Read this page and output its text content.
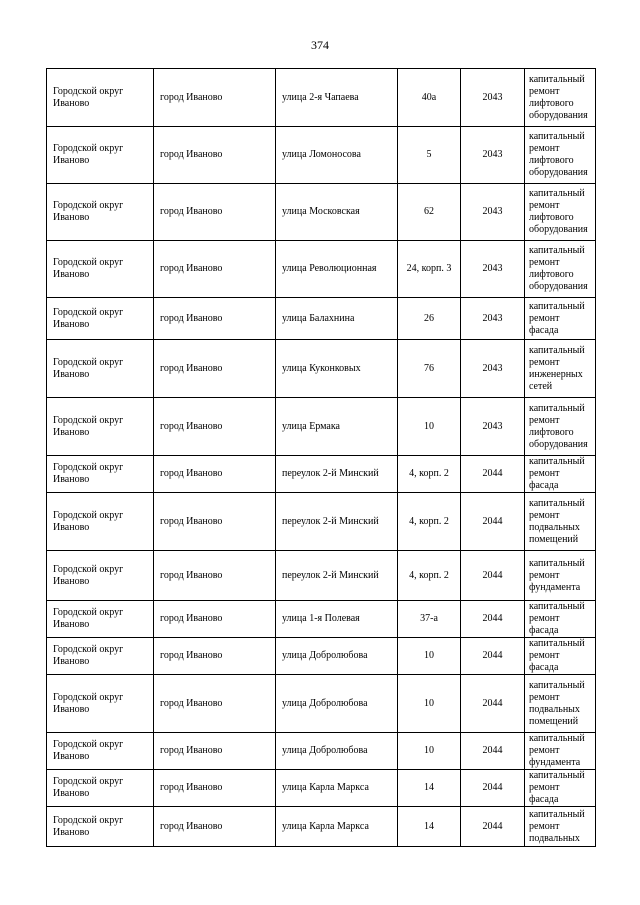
374
Городской округ Иваново	город Иваново	улица 2-я Чапаева	40а	2043	капитальный ремонт лифтового оборудования
Городской округ Иваново	город Иваново	улица Ломоносова	5	2043	капитальный ремонт лифтового оборудования
Городской округ Иваново	город Иваново	улица Московская	62	2043	капитальный ремонт лифтового оборудования
Городской округ Иваново	город Иваново	улица Революционная	24, корп. 3	2043	капитальный ремонт лифтового оборудования
Городской округ Иваново	город Иваново	улица Балахнина	26	2043	капитальный ремонт фасада
Городской округ Иваново	город Иваново	улица Куконковых	76	2043	капитальный ремонт инженерных сетей
Городской округ Иваново	город Иваново	улица Ермака	10	2043	капитальный ремонт лифтового оборудования
Городской округ Иваново	город Иваново	переулок 2-й Минский	4, корп. 2	2044	капитальный ремонт фасада
Городской округ Иваново	город Иваново	переулок 2-й Минский	4, корп. 2	2044	капитальный ремонт подвальных помещений
Городской округ Иваново	город Иваново	переулок 2-й Минский	4, корп. 2	2044	капитальный ремонт фундамента
Городской округ Иваново	город Иваново	улица 1-я Полевая	37-а	2044	капитальный ремонт фасада
Городской округ Иваново	город Иваново	улица Добролюбова	10	2044	капитальный ремонт фасада
Городской округ Иваново	город Иваново	улица Добролюбова	10	2044	капитальный ремонт подвальных помещений
Городской округ Иваново	город Иваново	улица Добролюбова	10	2044	капитальный ремонт фундамента
Городской округ Иваново	город Иваново	улица Карла Маркса	14	2044	капитальный ремонт фасада
Городской округ Иваново	город Иваново	улица Карла Маркса	14	2044	капитальный ремонт подвальных
